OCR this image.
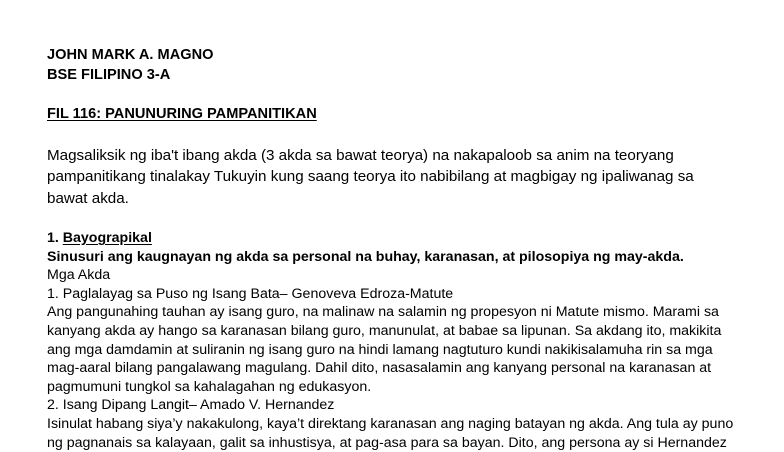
JOHN MARK A. MAGNO

BSE FILIPINO 3-A

FIL 116: PANUNURING PAMPANITIKAN

Magsaliksik ng iba't ibang akda (3 akda sa bawat teorya) na nakapaloob sa anim na teoryang
pampanitikang tinalakay Tukuyin kung saang teorya ito nabibilang at magbigay ng ipaliwanag sa
bawat akda.

1. Bayograpikal

Sinusuri ang kaugnayan ng akda sa personal na buhay, karanasan, at pilosopiya ng may-akda.

Mga Akda

1. Paglalayag sa Puso ng Isang Bata– Genoveva Edroza-Matute

Ang pangunahing tauhan ay isang guro, na malinaw na salamin ng propesyon ni Matute mismo. Marami sa

kanyang akda ay hango sa karanasan bilang guro, manunulat, at babae sa lipunan. Sa akdang ito, makikita

ang mga damdamin at suliranin ng isang guro na hindi lamang nagtuturo kundi nakikisalamuha rin sa mga

mag-aaral bilang pangalawang magulang. Dahil dito, nasasalamin ang kanyang personal na karanasan at

pagmumuni tungkol sa kahalagahan ng edukasyon.

2. Isang Dipang Langit– Amado V. Hernandez

Isinulat habang siya’y nakakulong, kaya’t direktang karanasan ang naging batayan ng akda. Ang tula ay puno

ng pagnanais sa kalayaan, galit sa inhustisya, at pag-asa para sa bayan. Dito, ang persona ay si Hernandez
